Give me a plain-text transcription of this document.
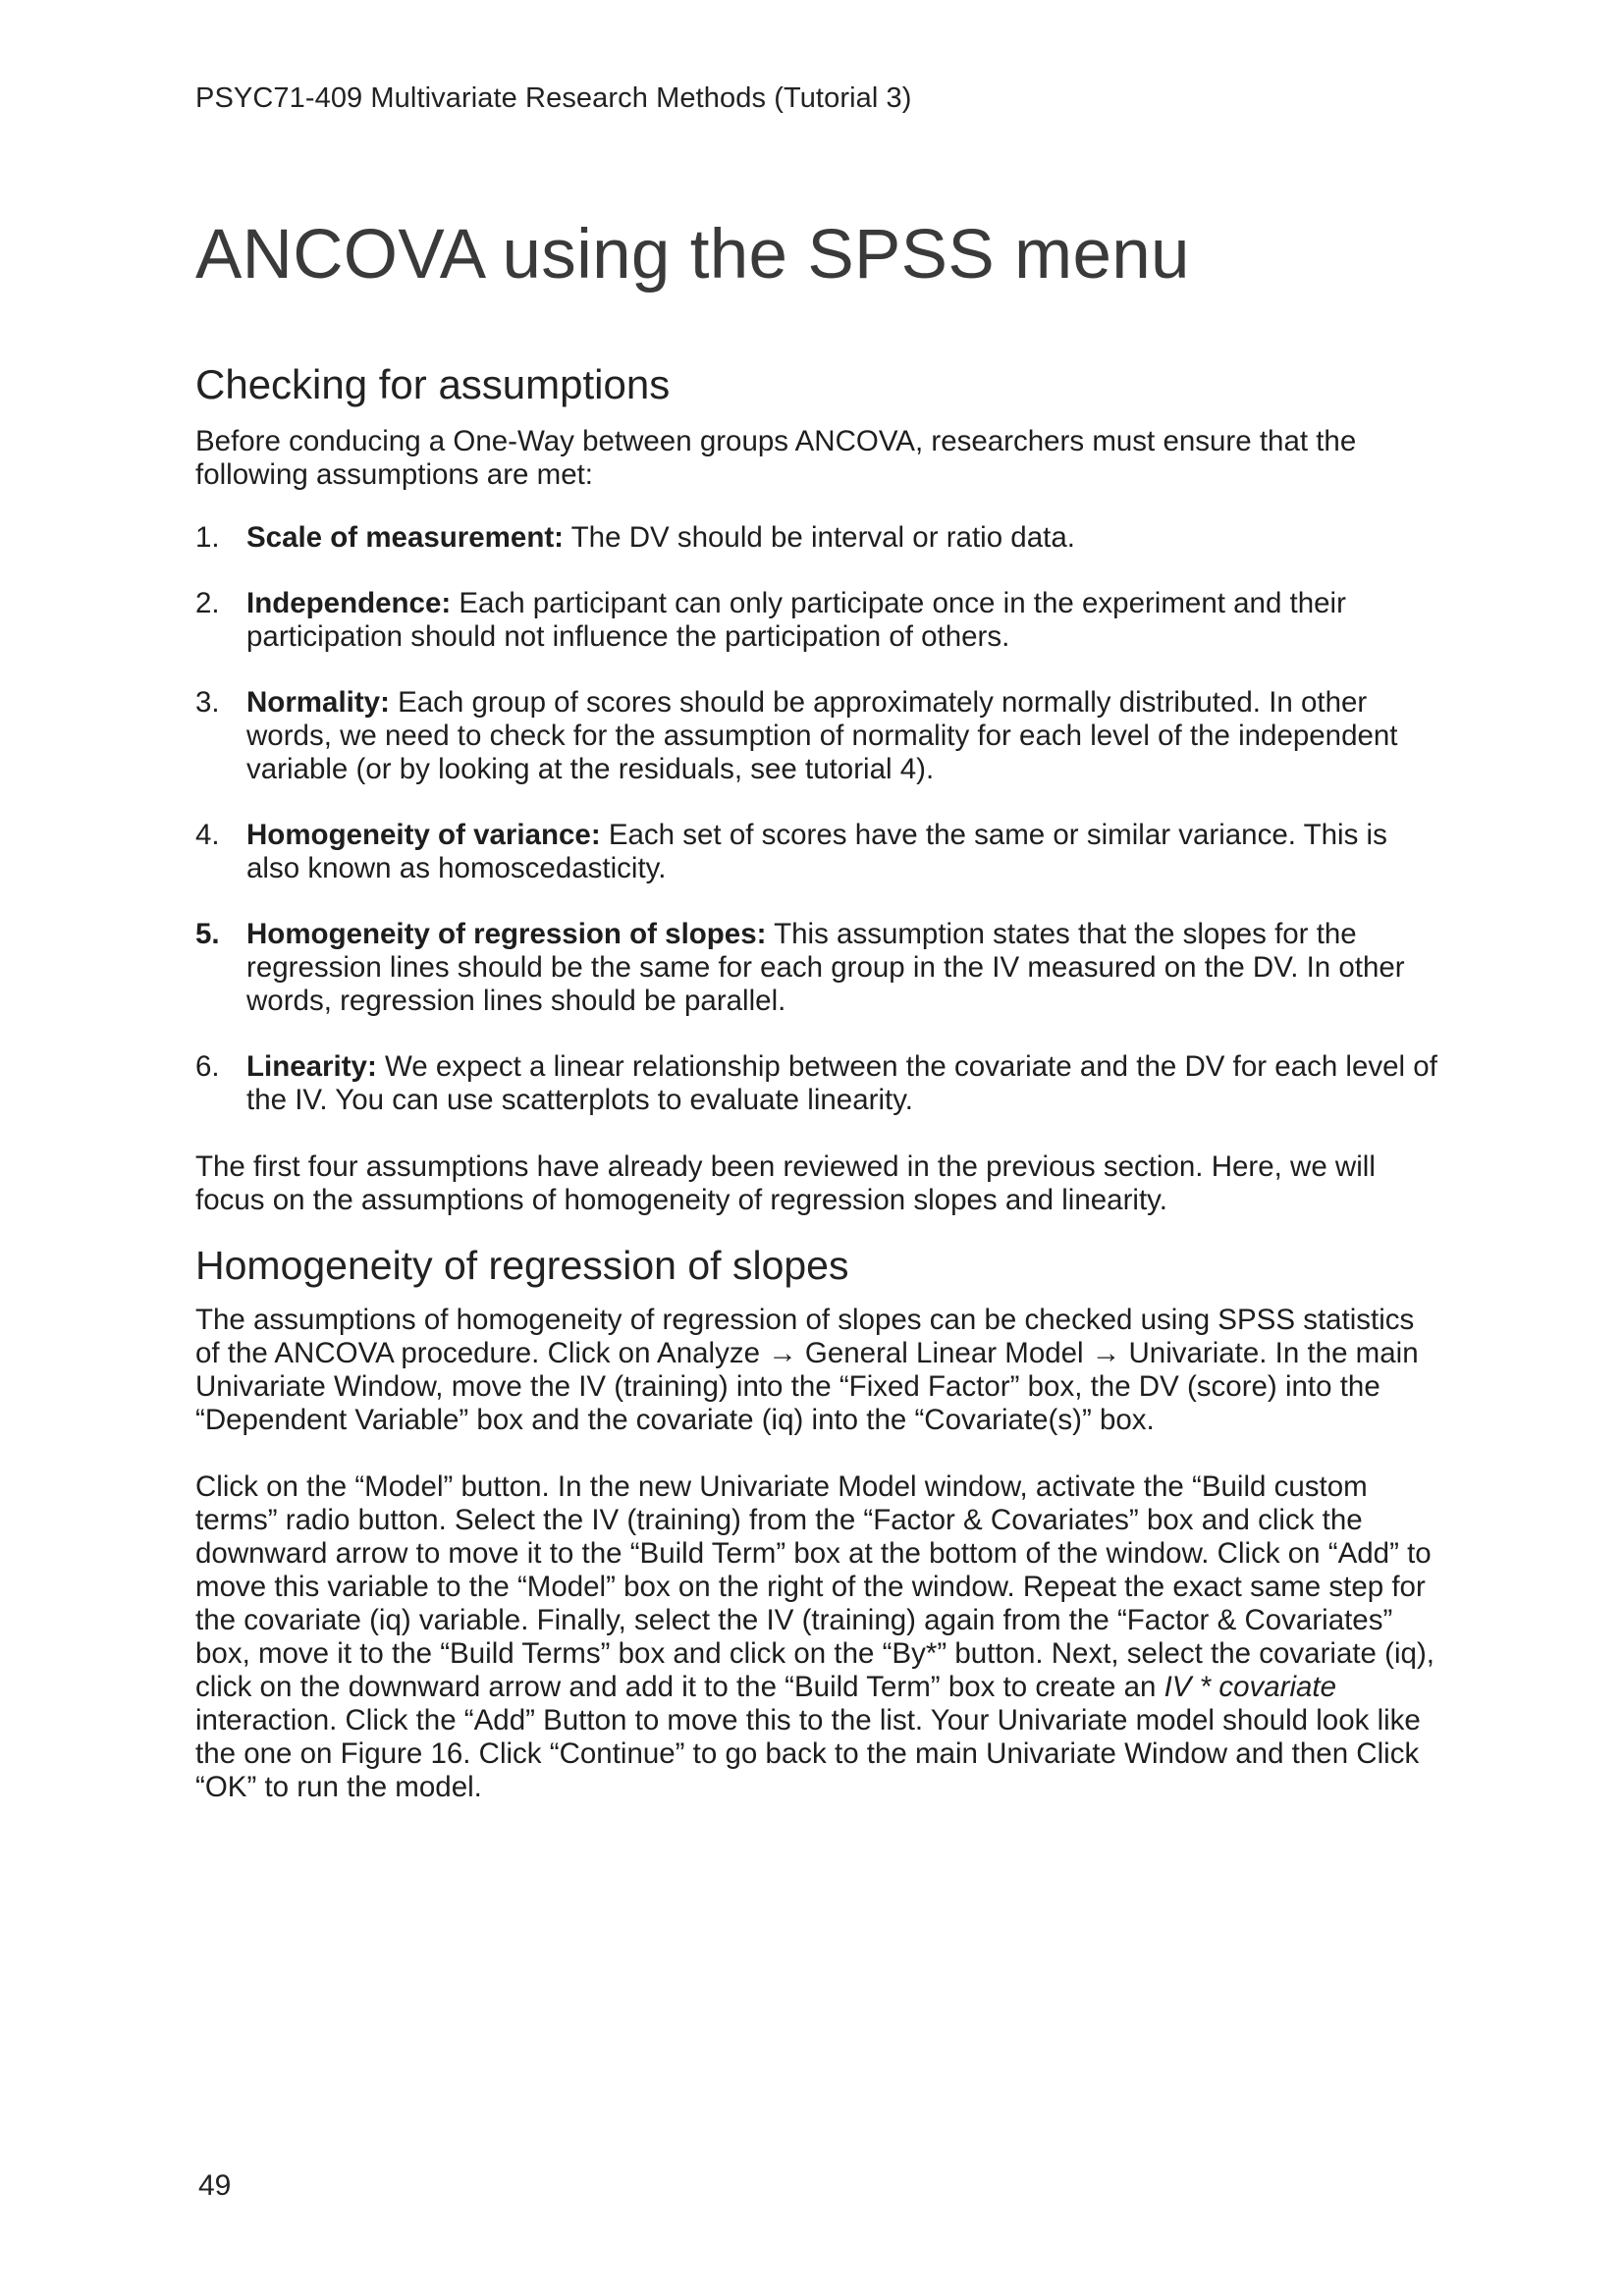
PSYC71-409 Multivariate Research Methods (Tutorial 3)
ANCOVA using the SPSS menu
Checking for assumptions

Before conducing a One-Way between groups ANCOVA, researchers must ensure that the following assumptions are met:

1. Scale of measurement: The DV should be interval or ratio data.
2. Independence: Each participant can only participate once in the experiment and their participation should not influence the participation of others.
3. Normality: Each group of scores should be approximately normally distributed. In other words, we need to check for the assumption of normality for each level of the independent variable (or by looking at the residuals, see tutorial 4).
4. Homogeneity of variance: Each set of scores have the same or similar variance. This is also known as homoscedasticity.
5. Homogeneity of regression of slopes: This assumption states that the slopes for the regression lines should be the same for each group in the IV measured on the DV. In other words, regression lines should be parallel.
6. Linearity: We expect a linear relationship between the covariate and the DV for each level of the IV. You can use scatterplots to evaluate linearity.

The first four assumptions have already been reviewed in the previous section. Here, we will focus on the assumptions of homogeneity of regression slopes and linearity.

Homogeneity of regression of slopes

The assumptions of homogeneity of regression of slopes can be checked using SPSS statistics of the ANCOVA procedure. Click on Analyze → General Linear Model → Univariate. In the main Univariate Window, move the IV (training) into the “Fixed Factor” box, the DV (score) into the “Dependent Variable” box and the covariate (iq) into the “Covariate(s)” box.

Click on the “Model” button. In the new Univariate Model window, activate the “Build custom terms” radio button. Select the IV (training) from the “Factor & Covariates” box and click the downward arrow to move it to the “Build Term” box at the bottom of the window. Click on “Add” to move this variable to the “Model” box on the right of the window. Repeat the exact same step for the covariate (iq) variable. Finally, select the IV (training) again from the “Factor & Covariates” box, move it to the “Build Terms” box and click on the “By*” button. Next, select the covariate (iq), click on the downward arrow and add it to the “Build Term” box to create an IV * covariate interaction. Click the “Add” Button to move this to the list. Your Univariate model should look like the one on Figure 16. Click “Continue” to go back to the main Univariate Window and then Click “OK” to run the model.

49
